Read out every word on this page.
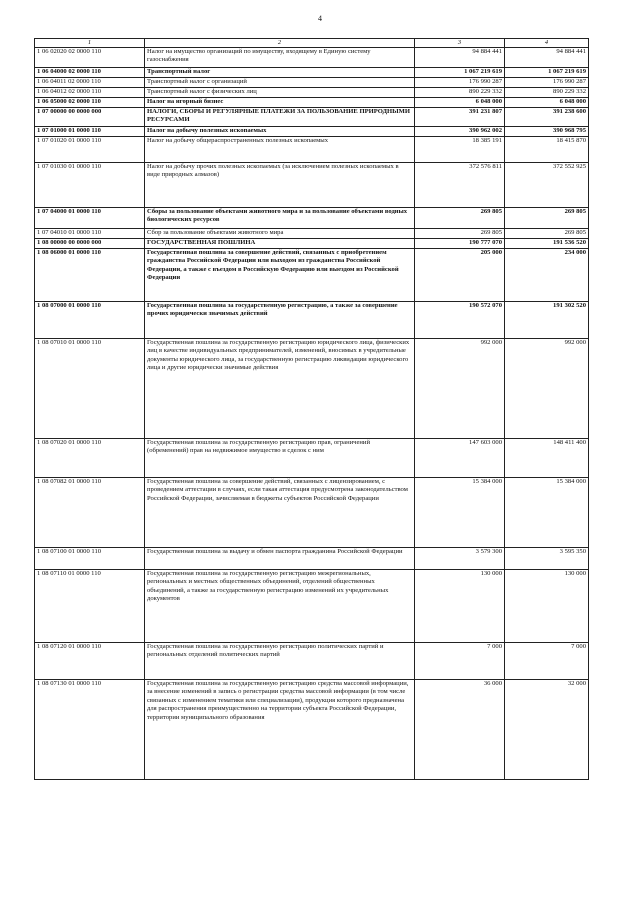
4
1	2	3	4
1 06 02020 02 0000 110	Налог на имущество организаций по имуществу, входящему в Единую систему газоснабжения	94 884 441	94 884 441
1 06 04000 02 0000 110	Транспортный налог	1 067 219 619	1 067 219 619
1 06 04011 02 0000 110	Транспортный налог с организаций	176 990 287	176 990 287
1 06 04012 02 0000 110	Транспортный налог с физических лиц	890 229 332	890 229 332
1 06 05000 02 0000 110	Налог на игорный бизнес	6 048 000	6 048 000
1 07 00000 00 0000 000	НАЛОГИ, СБОРЫ И РЕГУЛЯРНЫЕ ПЛАТЕЖИ ЗА ПОЛЬЗОВАНИЕ ПРИРОДНЫМИ РЕСУРСАМИ	391 231 807	391 238 600
1 07 01000 01 0000 110	Налог на добычу полезных ископаемых	390 962 002	390 968 795
1 07 01020 01 0000 110	Налог на добычу общераспространенных полезных ископаемых	18 385 191	18 415 870
1 07 01030 01 0000 110	Налог на добычу прочих полезных ископаемых (за исключением полезных ископаемых в виде природных алмазов)	372 576 811	372 552 925
1 07 04000 01 0000 110	Сборы за пользование объектами животного мира и за пользование объектами водных биологических ресурсов	269 805	269 805
1 07 04010 01 0000 110	Сбор за пользование объектами животного мира	269 805	269 805
1 08 00000 00 0000 000	ГОСУДАРСТВЕННАЯ ПОШЛИНА	190 777 070	191 536 520
1 08 06000 01 0000 110	Государственная пошлина за совершение действий, связанных с приобретением гражданства Российской Федерации или выходом из гражданства Российской Федерации, а также с въездом в Российскую Федерацию или выездом из Российской Федерации	205 000	234 000
1 08 07000 01 0000 110	Государственная пошлина за государственную регистрацию, а также за совершение прочих юридически значимых действий	190 572 070	191 302 520
1 08 07010 01 0000 110	Государственная пошлина за государственную регистрацию юридического лица, физических лиц в качестве индивидуальных предпринимателей, изменений, вносимых в учредительные документы юридического лица, за государственную регистрацию ликвидации юридического лица и другие юридически значимые действия	992 000	992 000
1 08 07020 01 0000 110	Государственная пошлина за государственную регистрацию прав, ограничений (обременений) прав на недвижимое имущество и сделок с ним	147 603 000	148 411 400
1 08 07082 01 0000 110	Государственная пошлина за совершение действий, связанных с лицензированием, с проведением аттестации в случаях, если такая аттестация предусмотрена законодательством Российской Федерации, зачисляемая в бюджеты субъектов Российской Федерации	15 384 000	15 384 000
1 08 07100 01 0000 110	Государственная пошлина за выдачу и обмен паспорта гражданина Российской Федерации	3 579 300	3 595 350
1 08 07110 01 0000 110	Государственная пошлина за государственную регистрацию межрегиональных, региональных и местных общественных объединений, отделений общественных объединений, а также за государственную регистрацию изменений их учредительных документов	130 000	130 000
1 08 07120 01 0000 110	Государственная пошлина за государственную регистрацию политических партий и региональных отделений политических партий	7 000	7 000
1 08 07130 01 0000 110	Государственная пошлина за государственную регистрацию средства массовой информации, за внесение изменений в запись о регистрации средства массовой информации (в том числе связанных с изменением тематики или специализации), продукция которого предназначена для распространения преимущественно на территории субъекта Российской Федерации, территории муниципального образования	36 000	32 000
